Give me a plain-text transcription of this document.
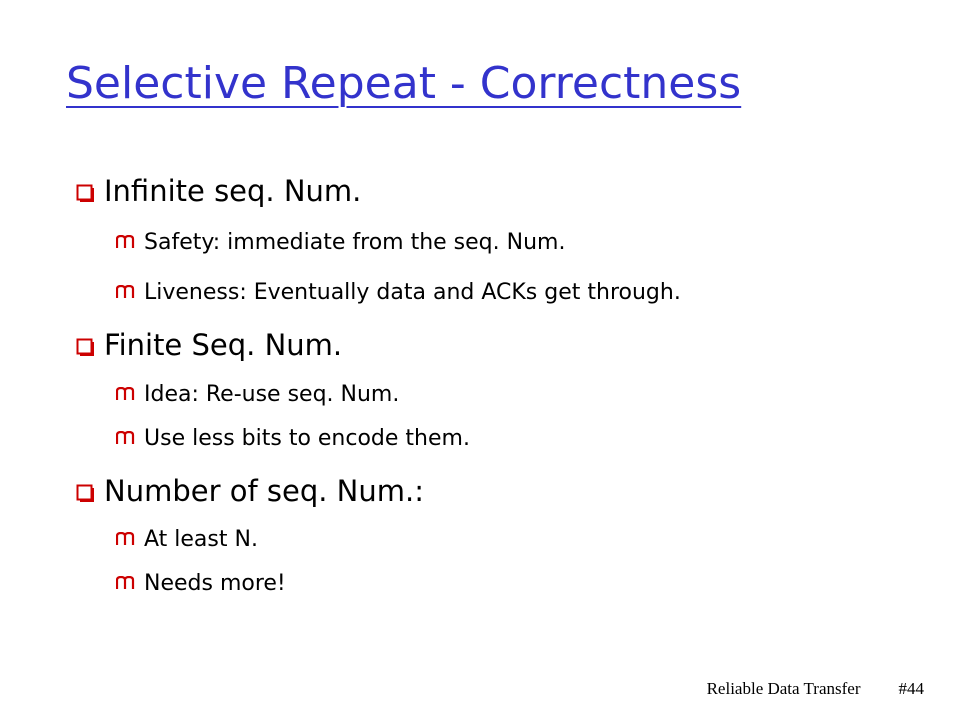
Selective Repeat - Correctness
Infinite seq. Num.
Safety: immediate from the seq. Num.
Liveness: Eventually data and ACKs get through.
Finite Seq. Num.
Idea: Re-use seq. Num.
Use less bits to encode them.
Number of seq. Num.:
At least N.
Needs more!
Reliable Data Transfer #44
